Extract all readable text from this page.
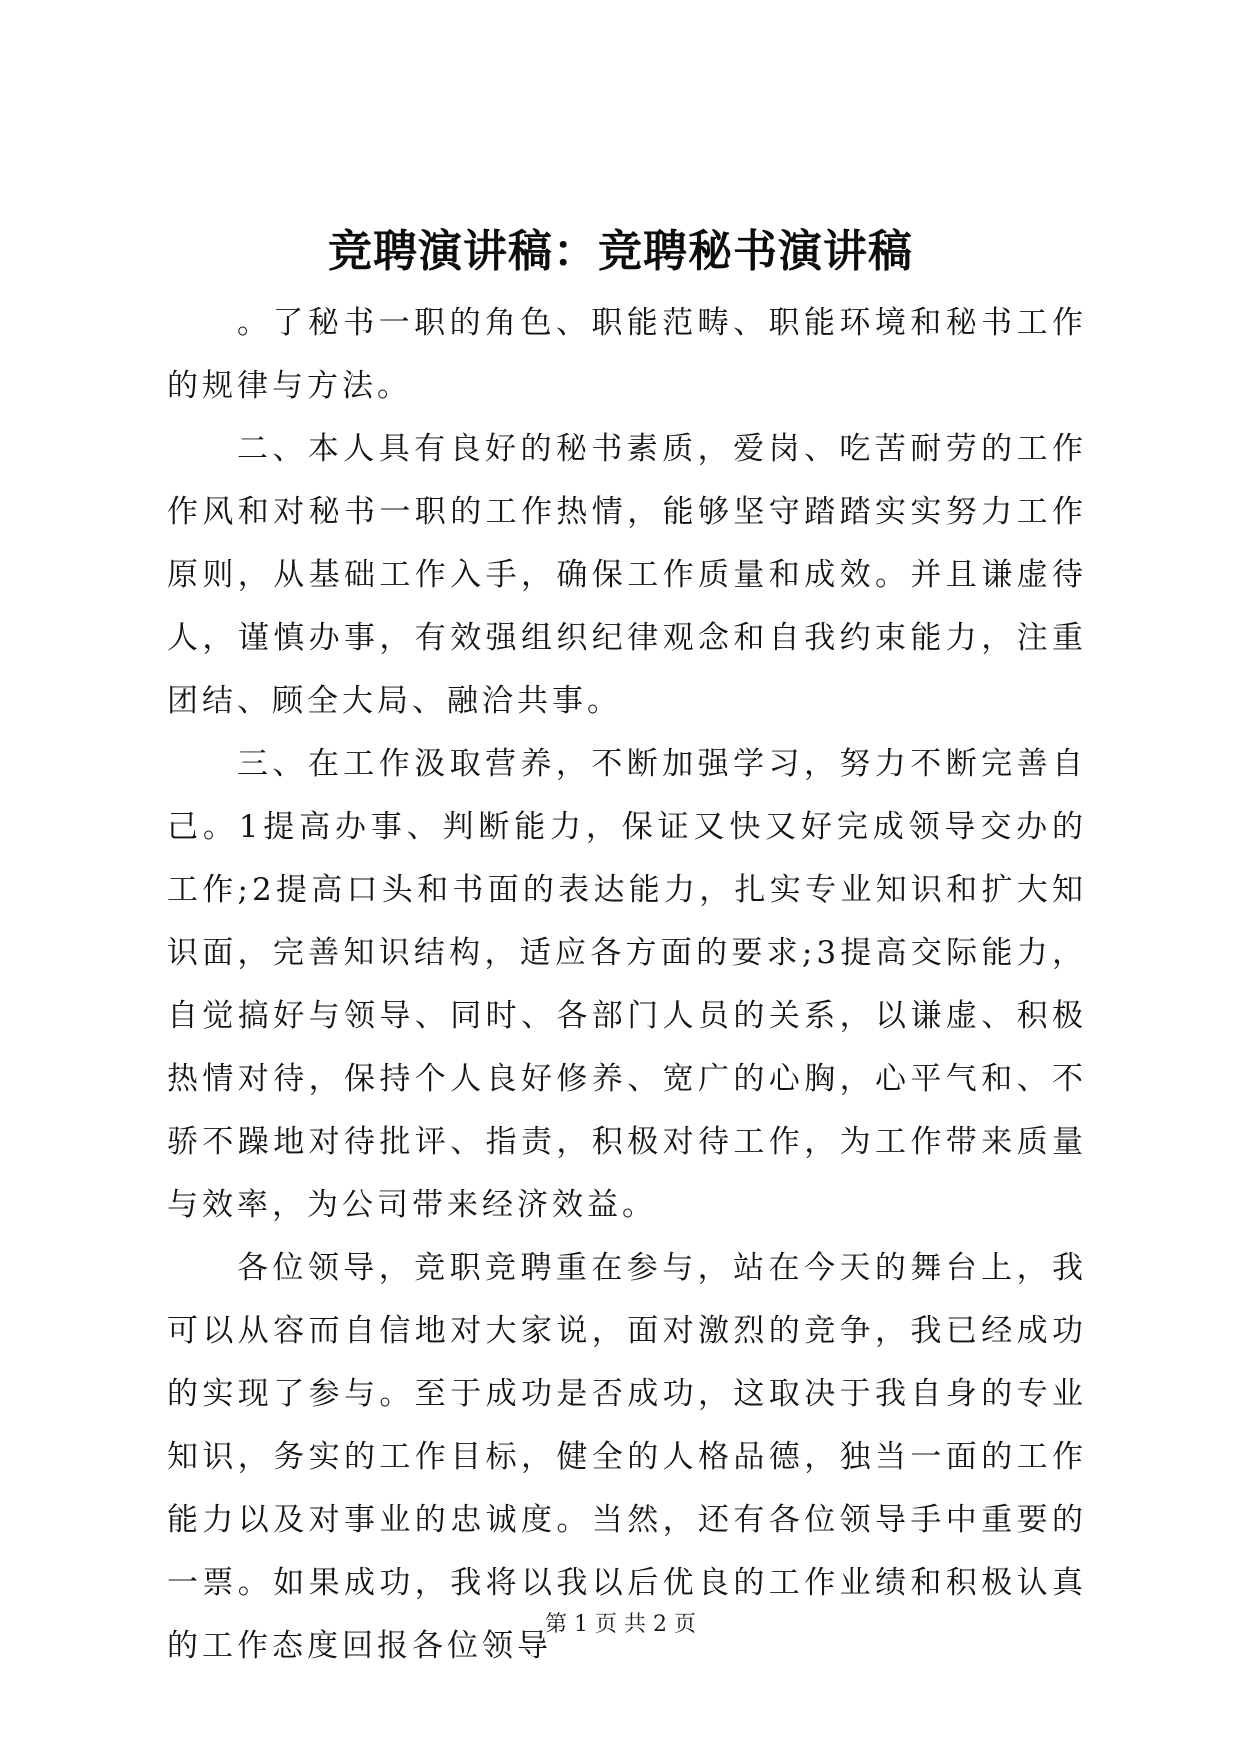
竞聘演讲稿：竞聘秘书演讲稿

。了秘书一职的角色、职能范畴、职能环境和秘书工作的规律与方法。

二、本人具有良好的秘书素质，爱岗、吃苦耐劳的工作作风和对秘书一职的工作热情，能够坚守踏踏实实努力工作原则，从基础工作入手，确保工作质量和成效。并且谦虚待人，谨慎办事，有效强组织纪律观念和自我约束能力，注重团结、顾全大局、融洽共事。

三、在工作汲取营养，不断加强学习，努力不断完善自己。1提高办事、判断能力，保证又快又好完成领导交办的工作;2提高口头和书面的表达能力，扎实专业知识和扩大知识面，完善知识结构，适应各方面的要求;3提高交际能力，自觉搞好与领导、同时、各部门人员的关系，以谦虚、积极热情对待，保持个人良好修养、宽广的心胸，心平气和、不骄不躁地对待批评、指责，积极对待工作，为工作带来质量与效率，为公司带来经济效益。

各位领导，竞职竞聘重在参与，站在今天的舞台上，我可以从容而自信地对大家说，面对激烈的竞争，我已经成功的实现了参与。至于成功是否成功，这取决于我自身的专业知识，务实的工作目标，健全的人格品德，独当一面的工作能力以及对事业的忠诚度。当然，还有各位领导手中重要的一票。如果成功，我将以我以后优良的工作业绩和积极认真的工作态度回报各位领导

第 1 页 共 2 页
